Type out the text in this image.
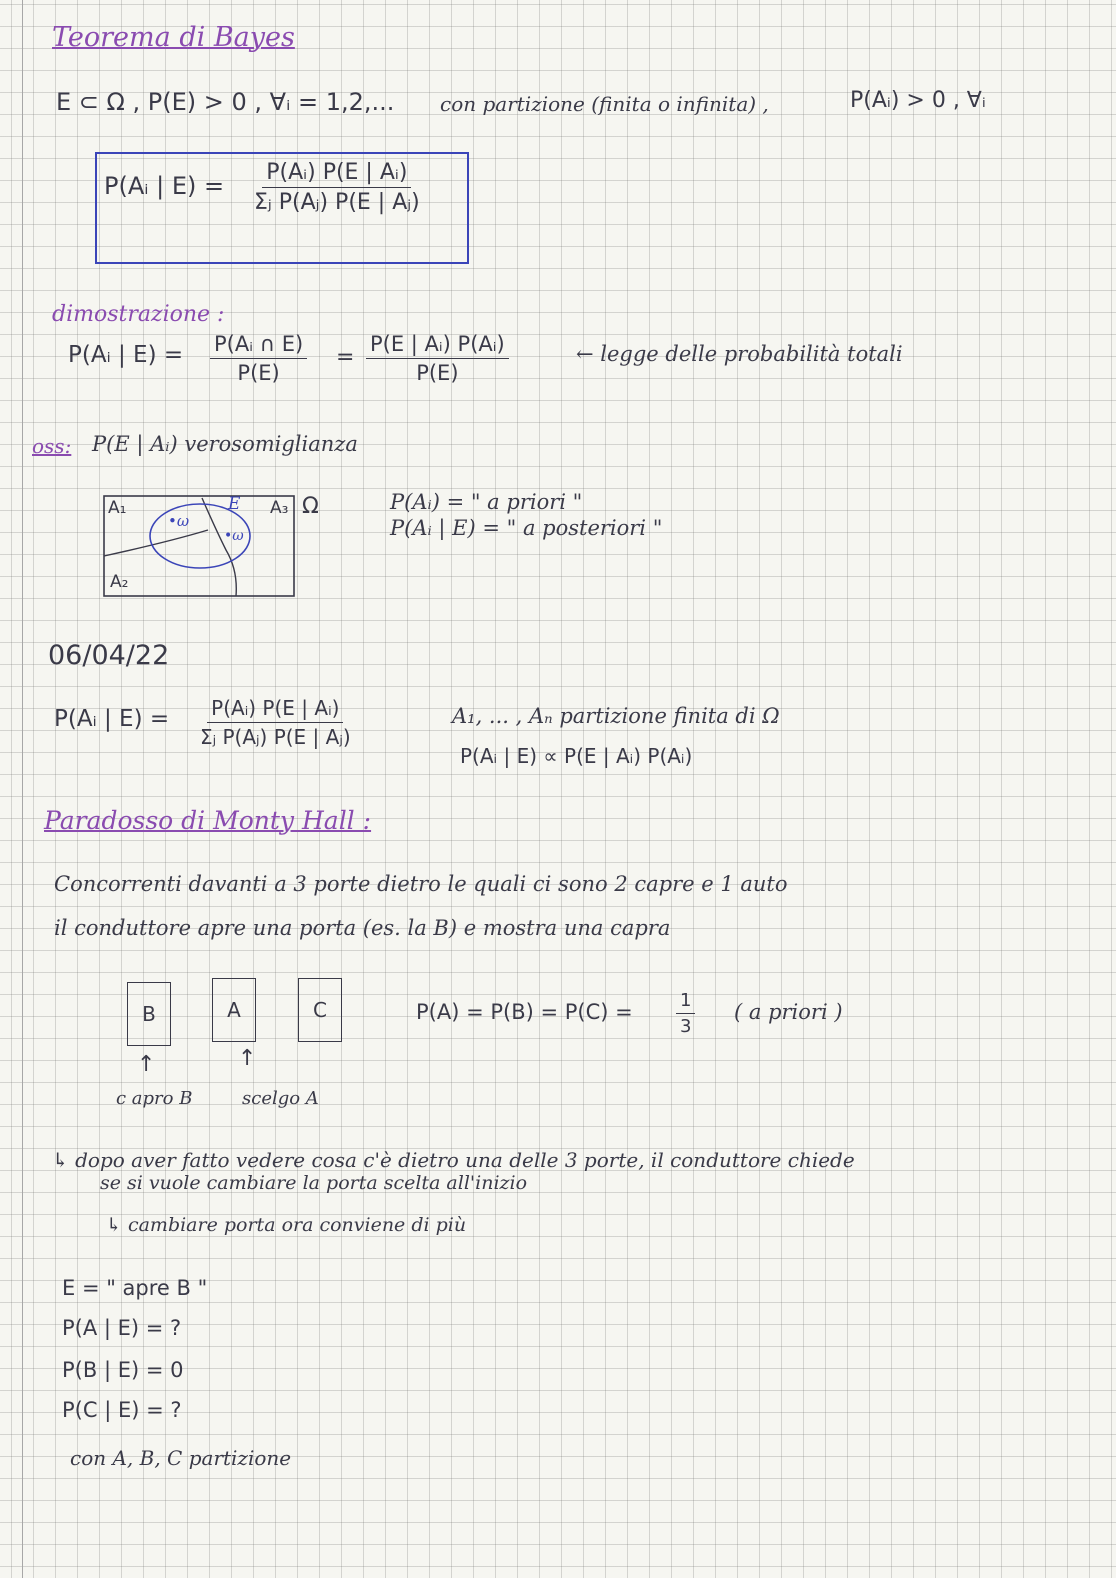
Teorema di Bayes
E ⊂ Ω , P(E) > 0 , ∀ᵢ = 1,2,... con partizione (finita o infinita) ,	P(Aᵢ) > 0 , ∀ᵢ
P(Aᵢ | $E) = \frac{\text{P(Aᵢ) P(E | Aᵢ)}}{\text{Σⱼ P(Aⱼ) P(E | Aⱼ)}}$
dimostrazione :
P(Aᵢ | $E) = \frac{\text{P(Aᵢ ∩ E)}}{P(E)} = \frac{\text{P(E | Aᵢ) P(Aᵢ)}}{P(E)}$	← legge delle probabilità totali
oss: P(E | Aᵢ) verosomiglianza
A₁
A₂
A₃
E
•ω
•ω
Ω	P(Aᵢ) = " a priori "
P(Aᵢ | E) = " a posteriori "
06/04/22
P(Aᵢ | $E) = \frac{\text{P(Aᵢ) P(E | Aᵢ)}}{\text{Σⱼ P(Aⱼ) P(E | Aⱼ)}}$	A₁, ... , Aₙ partizione finita di Ω
P(Aᵢ | E) ∝ P(E | Aᵢ) P(Aᵢ)
Paradosso di Monty Hall :
Concorrenti davanti a 3 porte dietro le quali ci sono 2 capre e 1 auto
il conduttore apre una porta (es. la B) e mostra una capra
B	A	C	$P(A) = P(B) = P(C) = \frac{1}{3}$ ( a priori )
↑	↑
c apro B	scelgo A
↳ dopo aver fatto vedere cosa c'è dietro una delle 3 porte, il conduttore chiede
se si vuole cambiare la porta scelta all'inizio
↳ cambiare porta ora conviene di più
E = " apre B "
P(A | E) = ?
P(B | E) = 0
P(C | E) = ?
con A, B, C partizione
